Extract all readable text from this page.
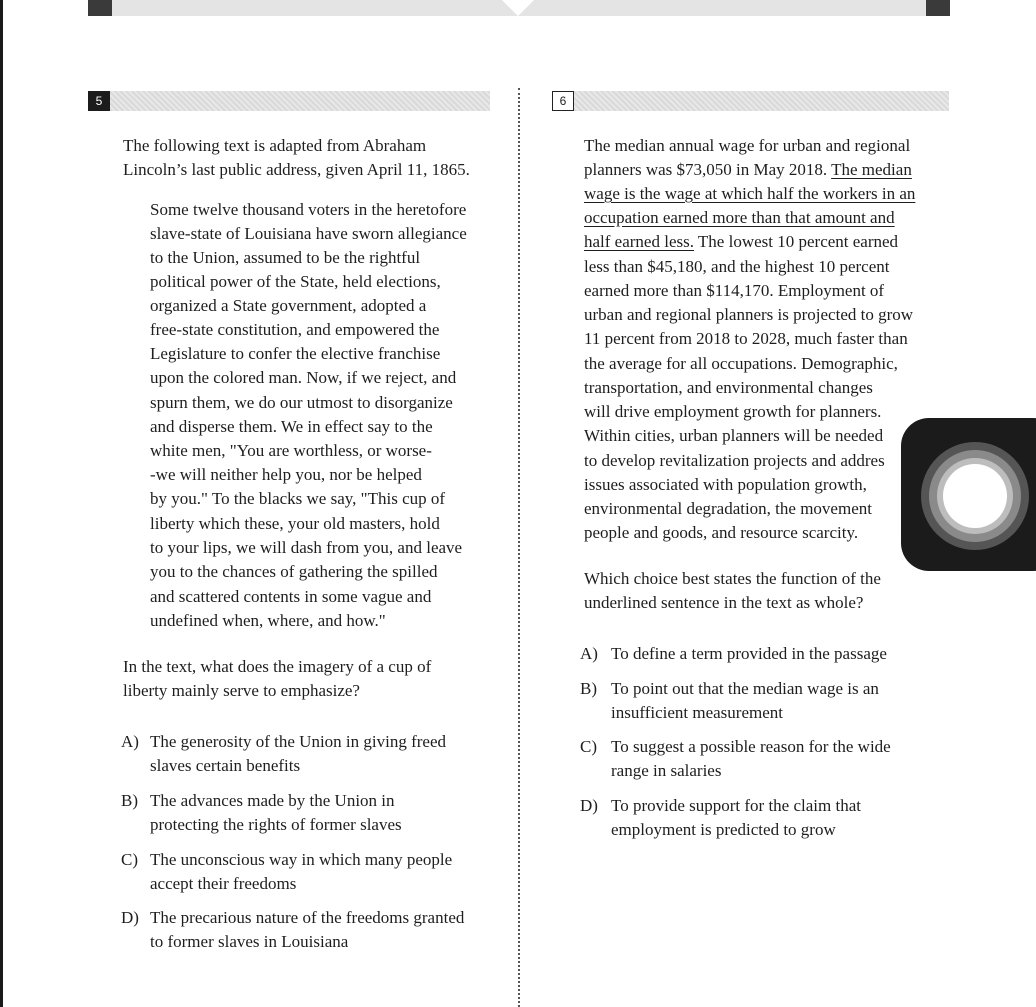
5
The following text is adapted from Abraham
Lincoln’s last public address, given April 11, 1865.
Some twelve thousand voters in the heretofore
slave-state of Louisiana have sworn allegiance
to the Union, assumed to be the rightful
political power of the State, held elections,
organized a State government, adopted a
free-state constitution, and empowered the
Legislature to confer the elective franchise
upon the colored man. Now, if we reject, and
spurn them, we do our utmost to disorganize
and disperse them. We in effect say to the
white men, "You are worthless, or worse-
-we will neither help you, nor be helped
by you." To the blacks we say, "This cup of
liberty which these, your old masters, hold
to your lips, we will dash from you, and leave
you to the chances of gathering the spilled
and scattered contents in some vague and
undefined when, where, and how."
In the text, what does the imagery of a cup of
liberty mainly serve to emphasize?
A) The generosity of the Union in giving freed
slaves certain benefits
B) The advances made by the Union in
protecting the rights of former slaves
C) The unconscious way in which many people
accept their freedoms
D) The precarious nature of the freedoms granted
to former slaves in Louisiana
6
The median annual wage for urban and regional
planners was $73,050 in May 2018. The median
wage is the wage at which half the workers in an
occupation earned more than that amount and
half earned less. The lowest 10 percent earned
less than $45,180, and the highest 10 percent
earned more than $114,170. Employment of
urban and regional planners is projected to grow
11 percent from 2018 to 2028, much faster than
the average for all occupations. Demographic,
transportation, and environmental changes
will drive employment growth for planners.
Within cities, urban planners will be needed
to develop revitalization projects and addres
issues associated with population growth,
environmental degradation, the movement
people and goods, and resource scarcity.
Which choice best states the function of the
underlined sentence in the text as whole?
A) To define a term provided in the passage
B) To point out that the median wage is an
insufficient measurement
C) To suggest a possible reason for the wide
range in salaries
D) To provide support for the claim that
employment is predicted to grow
